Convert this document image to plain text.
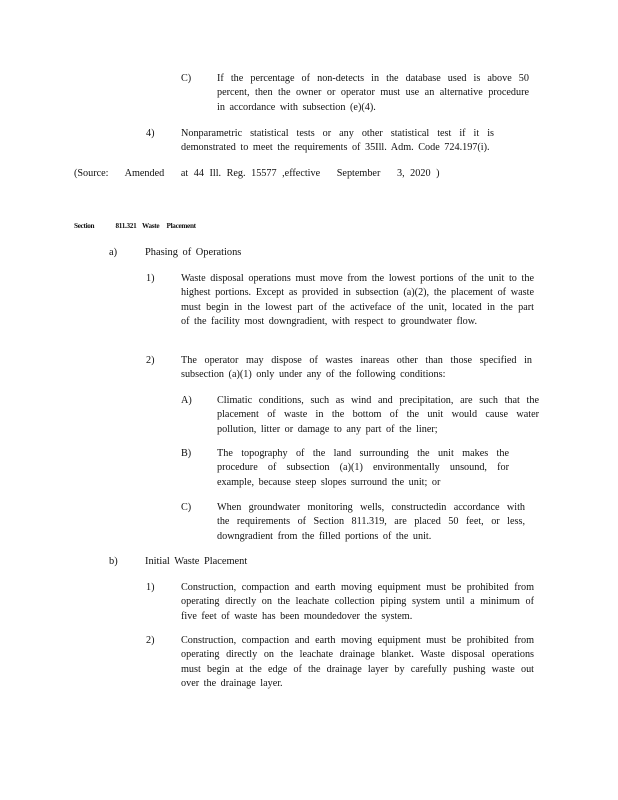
C)	If the percentage of non-detects in the database used is above 50 percent, then the owner or operator must use an alternative procedure in accordance with subsection (e)(4).
4)	Nonparametric statistical tests or any other statistical test if it is demonstrated to meet the requirements of 35Ill. Adm. Code 724.197(i).
(Source:   Amended   at 44 Ill. Reg. 15577 ,effective   September   3, 2020 )
Section	811.321 Waste Placement
a)	Phasing of Operations
1)	Waste disposal operations must move from the lowest portions of the unit to the highest portions. Except as provided in subsection (a)(2), the placement of waste must begin in the lowest part of the activeface of the unit, located in the part of the facility most downgradient, with respect to groundwater flow.
2)	The operator may dispose of wastes inareas other than those specified in subsection (a)(1) only under any of the following conditions:
A)	Climatic conditions, such as wind and precipitation, are such that the placement of waste in the bottom of the unit would cause water pollution, litter or damage to any part of the liner;
B)	The topography of the land surrounding the unit makes the procedure of subsection (a)(1) environmentally unsound, for example, because steep slopes surround the unit; or
C)	When groundwater monitoring wells, constructedin accordance with the requirements of Section 811.319, are placed 50 feet, or less, downgradient from the filled portions of the unit.
b)	Initial Waste Placement
1)	Construction, compaction and earth moving equipment must be prohibited from operating directly on the leachate collection piping system until a minimum of five feet of waste has been moundedover the system.
2)	Construction, compaction and earth moving equipment must be prohibited from operating directly on the leachate drainage blanket. Waste disposal operations must begin at the edge of the drainage layer by carefully pushing waste out over the drainage layer.
